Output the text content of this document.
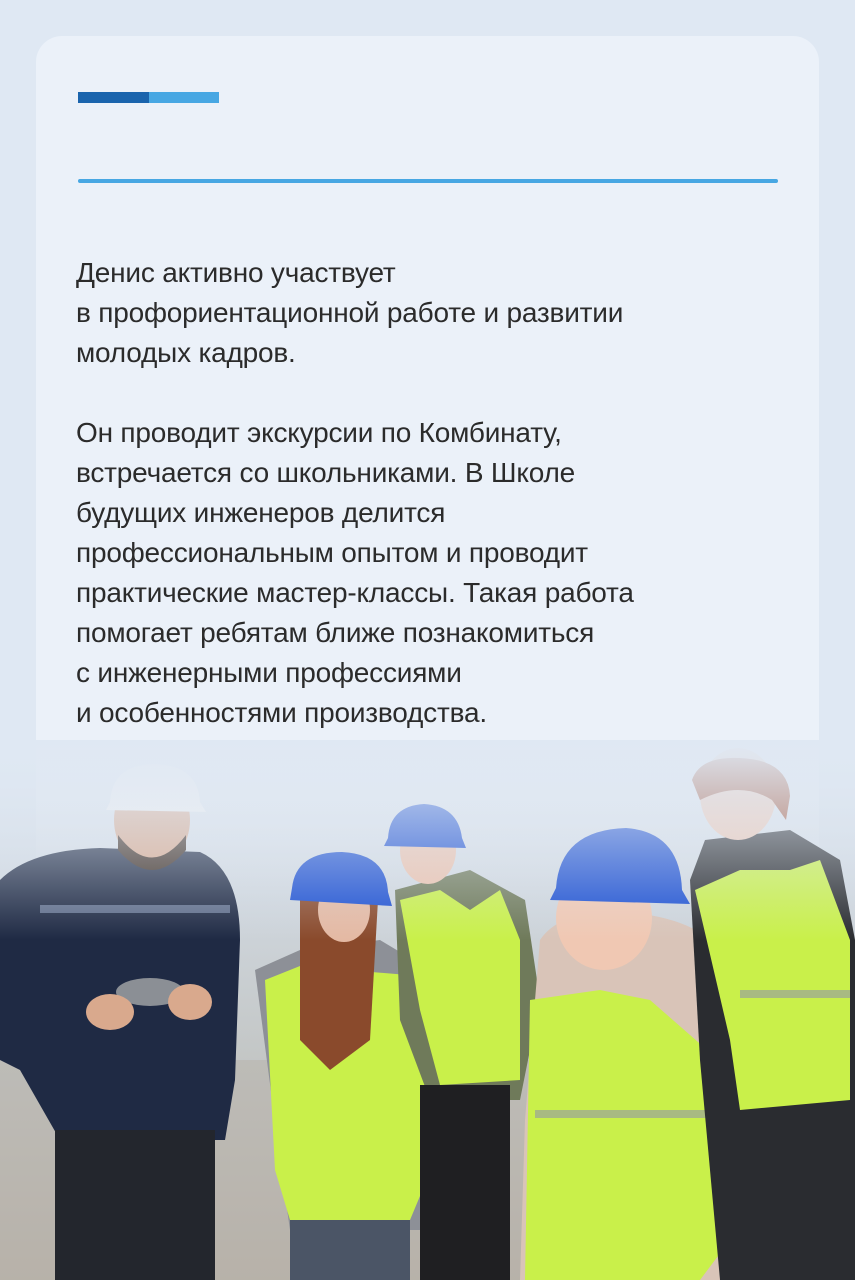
Денис активно участвует
в профориентационной работе и развитии
молодых кадров.

Он проводит экскурсии по Комбинату,
встречается со школьниками. В Школе
будущих инженеров делится
профессиональным опытом и проводит
практические мастер-классы. Такая работа
помогает ребятам ближе познакомиться
с инженерными профессиями
и особенностями производства.
